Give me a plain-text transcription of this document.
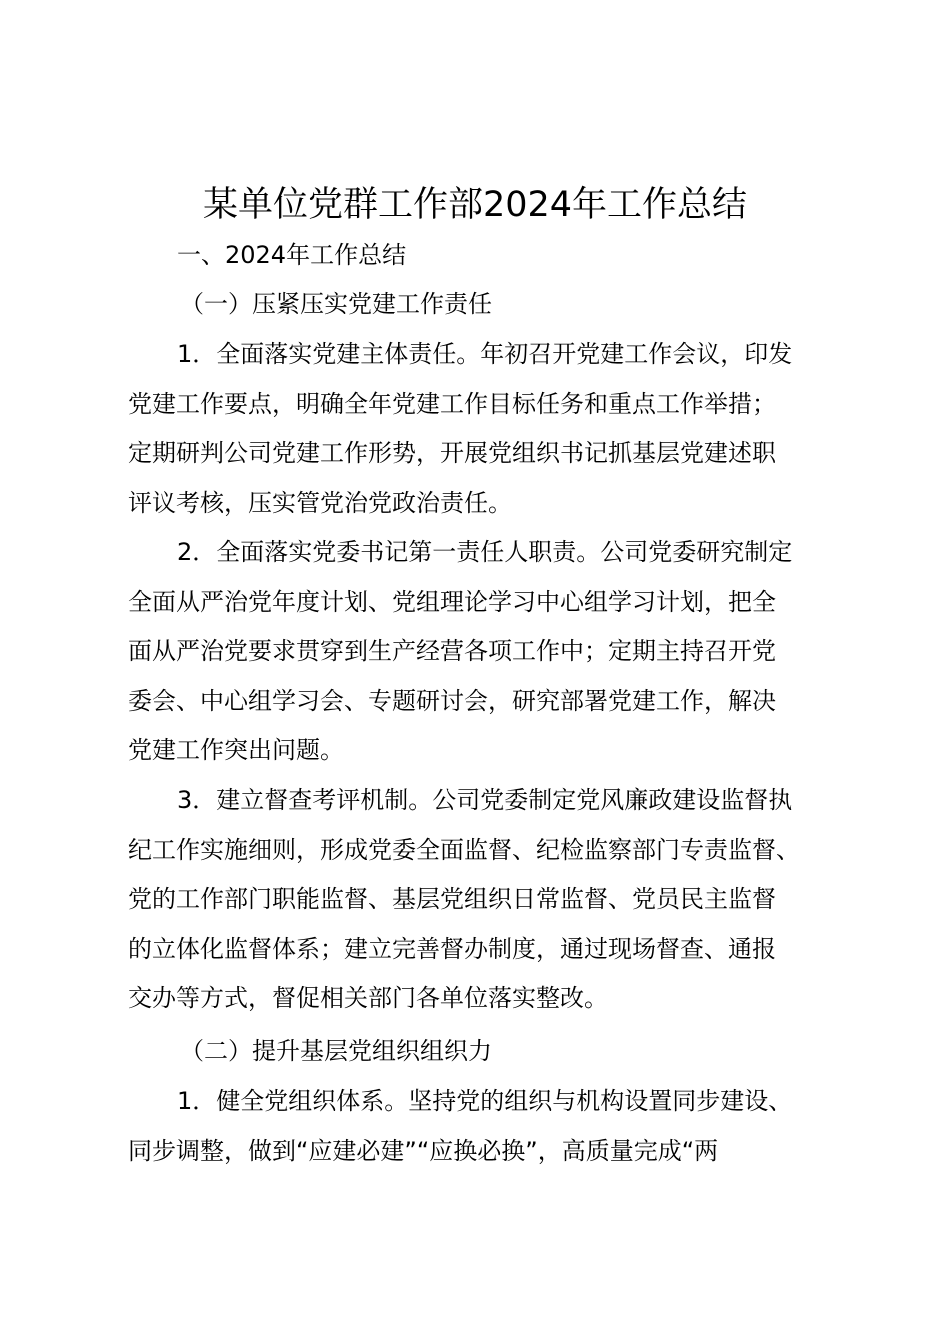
某单位党群工作部2024年工作总结
一、2024年工作总结
（一）压紧压实党建工作责任
1．全面落实党建主体责任。年初召开党建工作会议，印发
党建工作要点，明确全年党建工作目标任务和重点工作举措；
定期研判公司党建工作形势，开展党组织书记抓基层党建述职
评议考核，压实管党治党政治责任。
2．全面落实党委书记第一责任人职责。公司党委研究制定
全面从严治党年度计划、党组理论学习中心组学习计划，把全
面从严治党要求贯穿到生产经营各项工作中；定期主持召开党
委会、中心组学习会、专题研讨会，研究部署党建工作，解决
党建工作突出问题。
3．建立督查考评机制。公司党委制定党风廉政建设监督执
纪工作实施细则，形成党委全面监督、纪检监察部门专责监督、
党的工作部门职能监督、基层党组织日常监督、党员民主监督
的立体化监督体系；建立完善督办制度，通过现场督查、通报
交办等方式，督促相关部门各单位落实整改。
（二）提升基层党组织组织力
1．健全党组织体系。坚持党的组织与机构设置同步建设、
同步调整，做到“应建必建”“应换必换”，高质量完成“两
